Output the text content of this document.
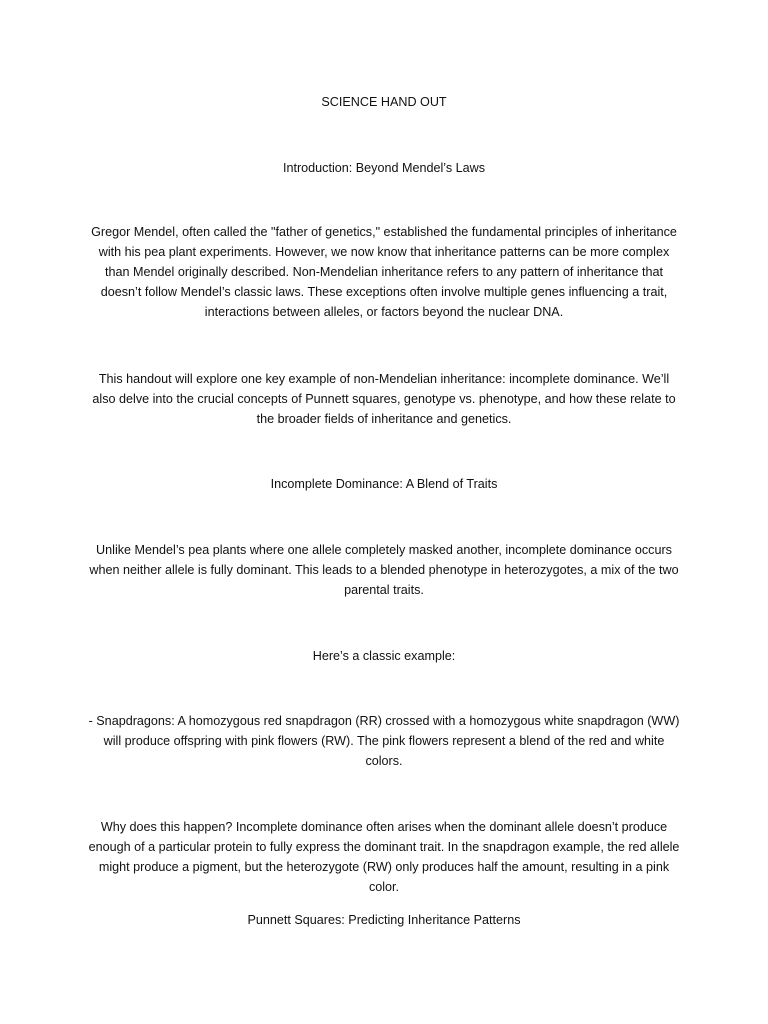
SCIENCE HAND OUT

Introduction: Beyond Mendel’s Laws

Gregor Mendel, often called the "father of genetics," established the fundamental principles of inheritance with his pea plant experiments. However, we now know that inheritance patterns can be more complex than Mendel originally described. Non-Mendelian inheritance refers to any pattern of inheritance that doesn’t follow Mendel’s classic laws. These exceptions often involve multiple genes influencing a trait, interactions between alleles, or factors beyond the nuclear DNA.

This handout will explore one key example of non-Mendelian inheritance: incomplete dominance. We’ll also delve into the crucial concepts of Punnett squares, genotype vs. phenotype, and how these relate to the broader fields of inheritance and genetics.

Incomplete Dominance: A Blend of Traits

Unlike Mendel’s pea plants where one allele completely masked another, incomplete dominance occurs when neither allele is fully dominant. This leads to a blended phenotype in heterozygotes, a mix of the two parental traits.

Here’s a classic example:

- Snapdragons: A homozygous red snapdragon (RR) crossed with a homozygous white snapdragon (WW) will produce offspring with pink flowers (RW). The pink flowers represent a blend of the red and white colors.

Why does this happen? Incomplete dominance often arises when the dominant allele doesn’t produce enough of a particular protein to fully express the dominant trait. In the snapdragon example, the red allele might produce a pigment, but the heterozygote (RW) only produces half the amount, resulting in a pink color.

Punnett Squares: Predicting Inheritance Patterns
